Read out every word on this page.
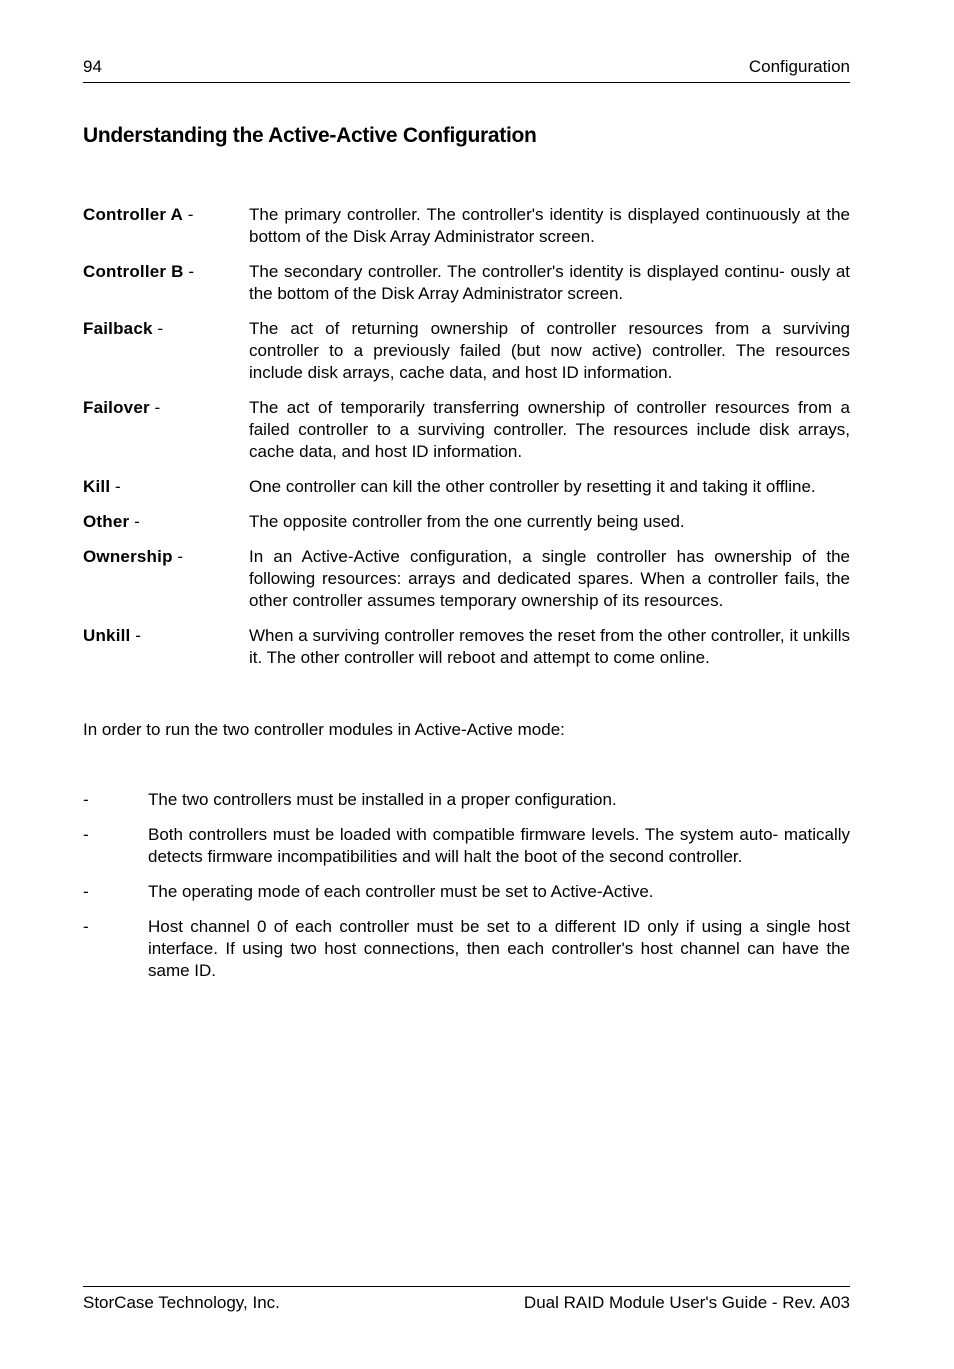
94	Configuration
Understanding the Active-Active Configuration
Controller A -	The primary controller. The controller's identity is displayed continuously at the bottom of the Disk Array Administrator screen.
Controller B -	The secondary controller. The controller's identity is displayed continu- ously at the bottom of the Disk Array Administrator screen.
Failback -	The act of returning ownership of controller resources from a surviving controller to a previously failed (but now active) controller. The resources include disk arrays, cache data, and host ID information.
Failover -	The act of temporarily transferring ownership of controller resources from a failed controller to a surviving controller. The resources include disk arrays, cache data, and host ID information.
Kill -	One controller can kill the other controller by resetting it and taking it offline.
Other -	The opposite controller from the one currently being used.
Ownership -	In an Active-Active configuration, a single controller has ownership of the following resources: arrays and dedicated spares. When a controller fails, the other controller assumes temporary ownership of its resources.
Unkill -	When a surviving controller removes the reset from the other controller, it unkills it. The other controller will reboot and attempt to come online.
In order to run the two controller modules in Active-Active mode:
-	The two controllers must be installed in a proper configuration.
-	Both controllers must be loaded with compatible firmware levels. The system auto- matically detects firmware incompatibilities and will halt the boot of the second controller.
-	The operating mode of each controller must be set to Active-Active.
-	Host channel 0 of each controller must be set to a different ID only if using a single host interface. If using two host connections, then each controller's host channel can have the same ID.
StorCase Technology, Inc.	Dual RAID Module User's Guide - Rev. A03
